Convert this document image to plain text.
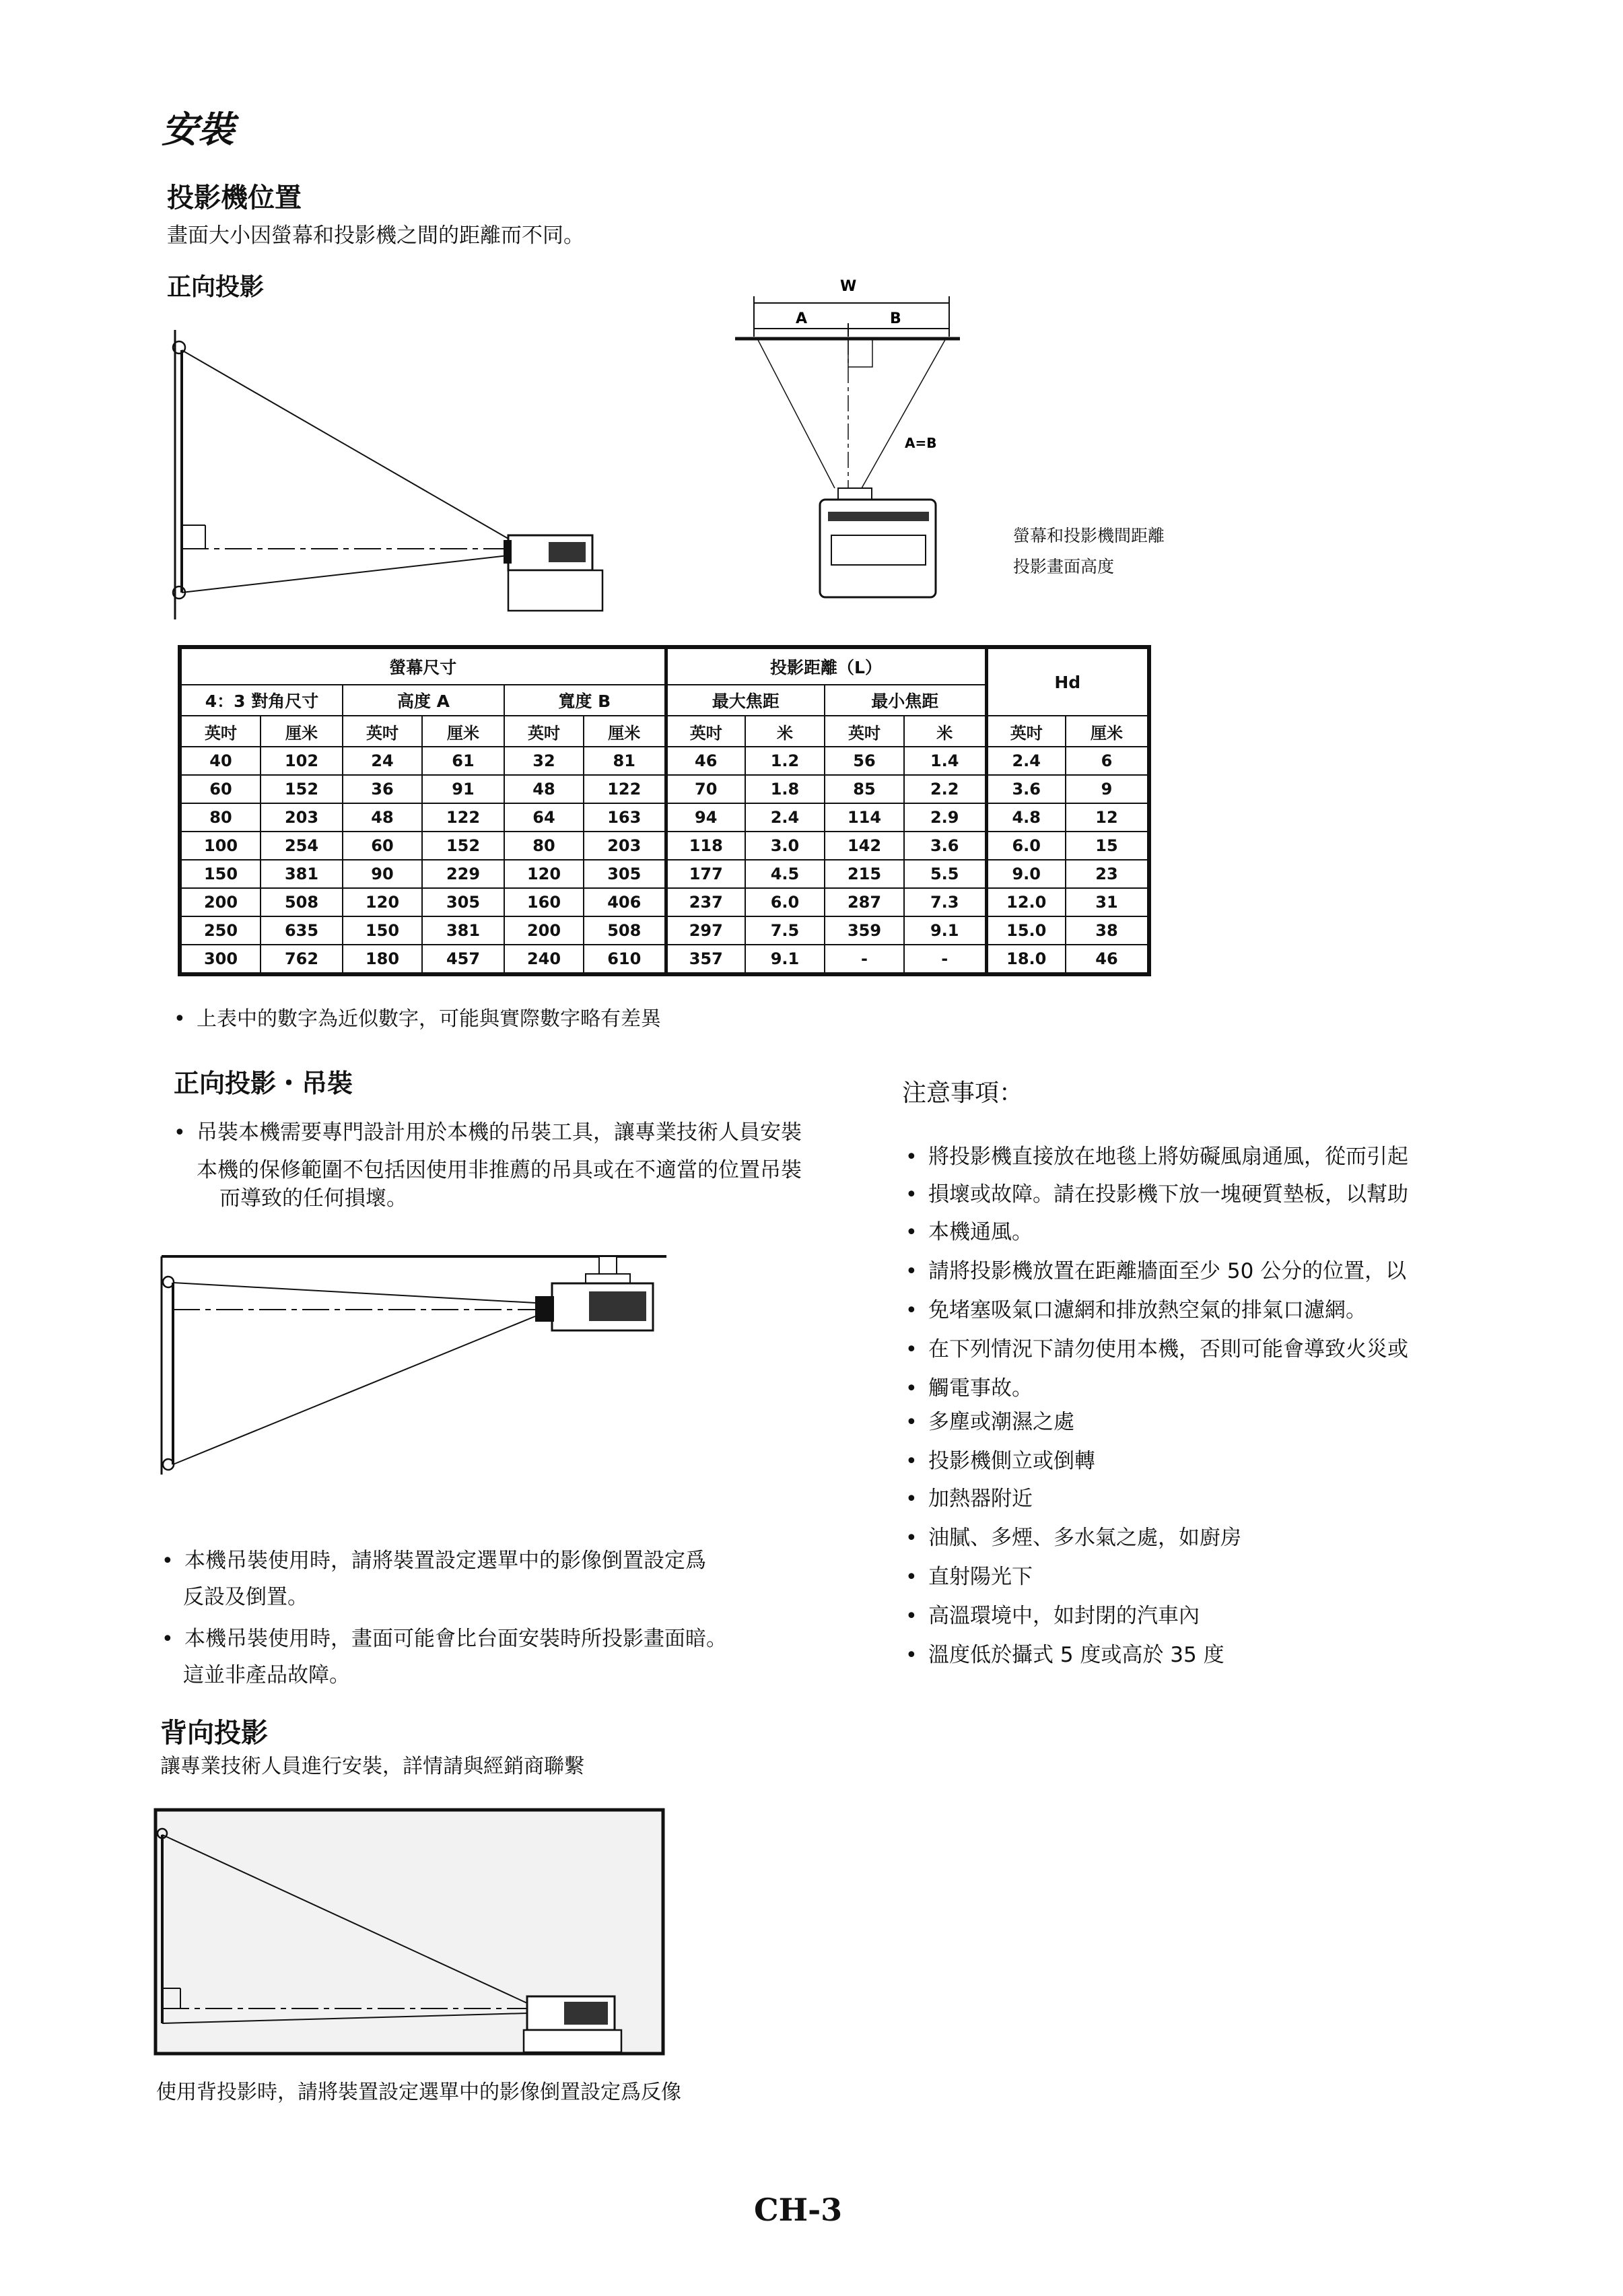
安裝
投影機位置
畫面大小因螢幕和投影機之間的距離而不同。
正向投影	W
A	B
A=B
螢幕和投影機間距離
投影畫面高度
螢幕尺寸						投影距離（L）				Hd	
4：3 對角尺寸		高度 A		寬度 B		最大焦距		最小焦距			
英吋	厘米	英吋	厘米	英吋	厘米	英吋	米	英吋	米	英吋	厘米
40	102	24	61	32	81	46	1.2	56	1.4	2.4	6
60	152	36	91	48	122	70	1.8	85	2.2	3.6	9
80	203	48	122	64	163	94	2.4	114	2.9	4.8	12
100	254	60	152	80	203	118	3.0	142	3.6	6.0	15
150	381	90	229	120	305	177	4.5	215	5.5	9.0	23
200	508	120	305	160	406	237	6.0	287	7.3	12.0	31
250	635	150	381	200	508	297	7.5	359	9.1	15.0	38
300	762	180	457	240	610	357	9.1	-	-	18.0	46
• 上表中的數字為近似數字，可能與實際數字略有差異
正向投影・吊裝
• 吊裝本機需要專門設計用於本機的吊裝工具，讓專業技術人員安裝
本機的保修範圍不包括因使用非推薦的吊具或在不適當的位置吊裝
而導致的任何損壞。
• 本機吊裝使用時，請將裝置設定選單中的影像倒置設定爲
反設及倒置。
• 本機吊裝使用時，畫面可能會比台面安裝時所投影畫面暗。
這並非產品故障。
背向投影
讓專業技術人員進行安裝，詳情請與經銷商聯繫
使用背投影時，請將裝置設定選單中的影像倒置設定爲反像
注意事項：
• 將投影機直接放在地毯上將妨礙風扇通風，從而引起
• 損壞或故障。請在投影機下放一塊硬質墊板，以幫助
• 本機通風。
• 請將投影機放置在距離牆面至少 50 公分的位置，以
• 免堵塞吸氣口濾網和排放熱空氣的排氣口濾網。
• 在下列情況下請勿使用本機，否則可能會導致火災或
• 觸電事故。
• 多塵或潮濕之處
• 投影機側立或倒轉
• 加熱器附近
• 油膩、多煙、多水氣之處，如廚房
• 直射陽光下
• 高溫環境中，如封閉的汽車內
• 溫度低於攝式 5 度或高於 35 度
CH-3
